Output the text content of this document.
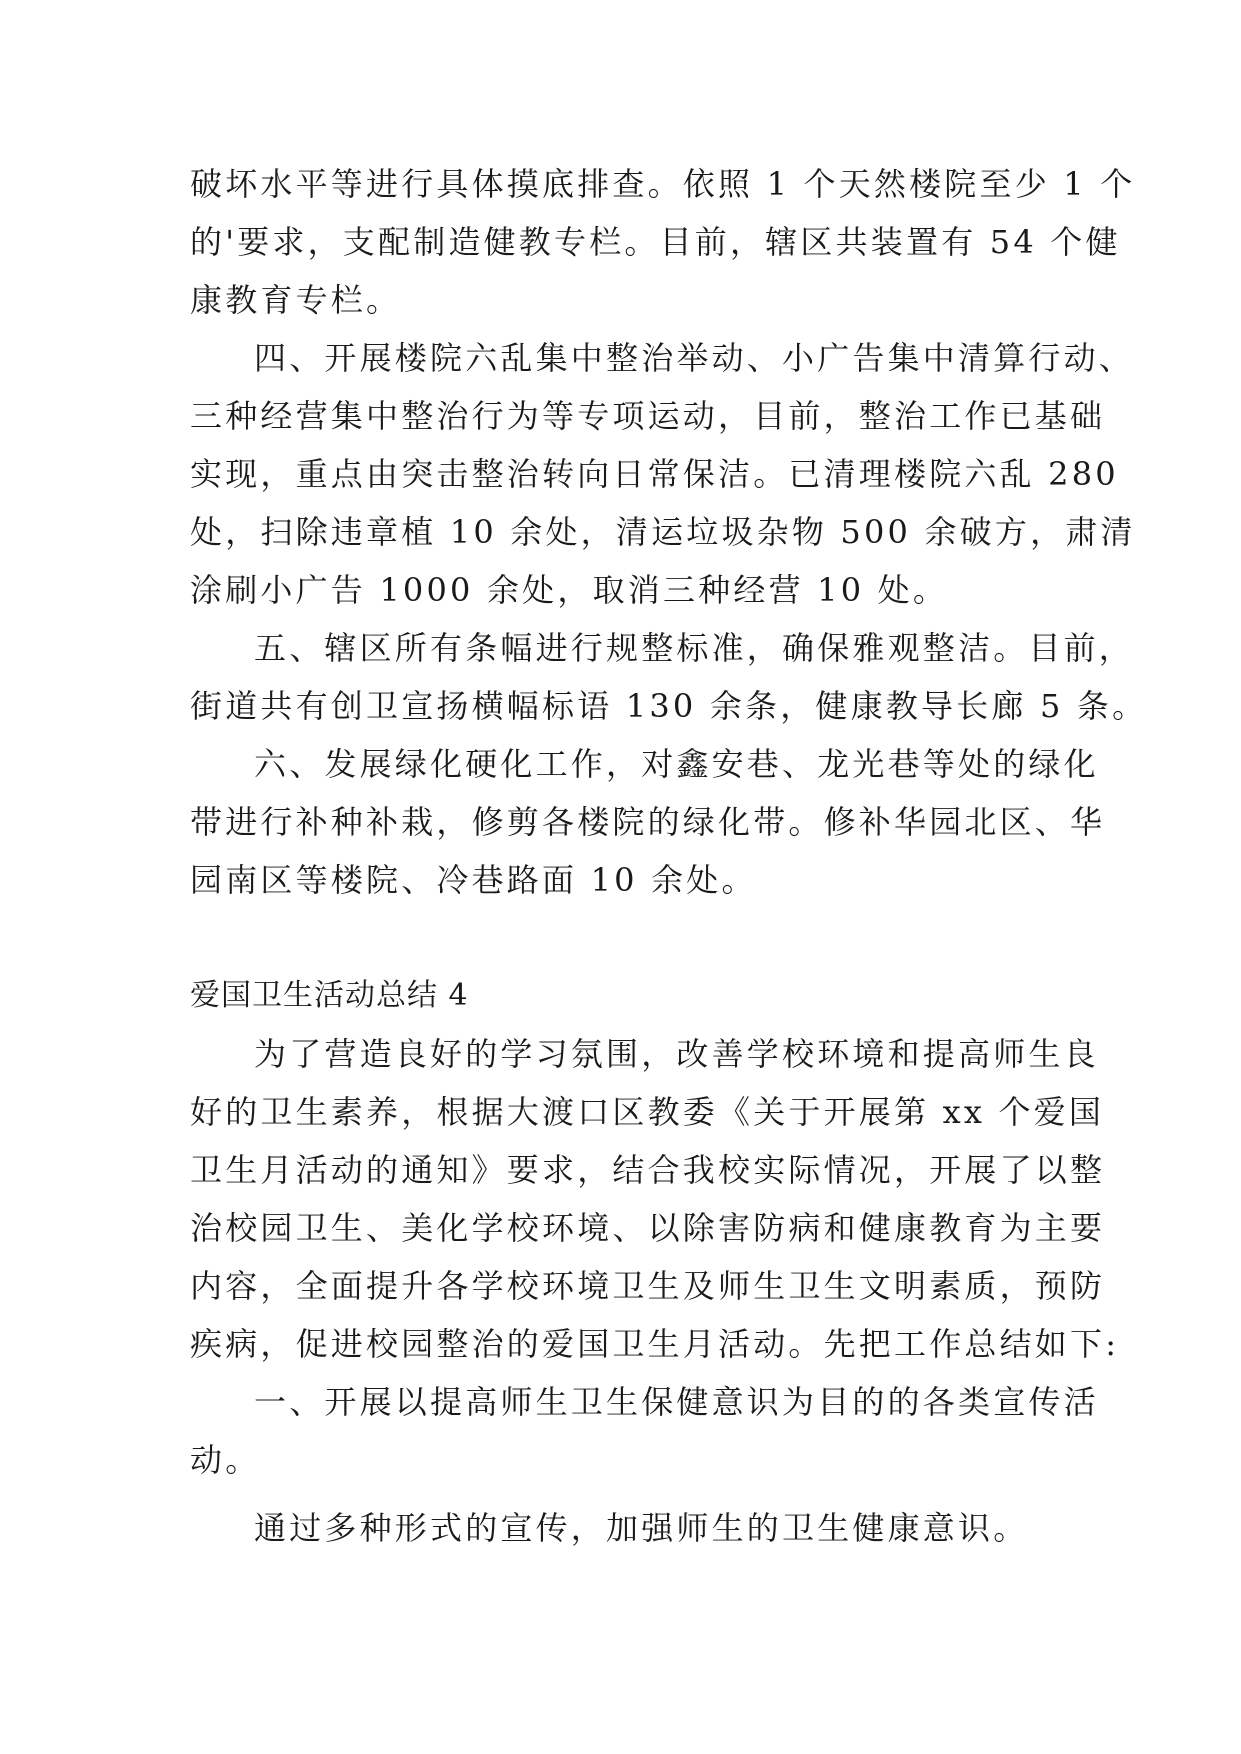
破坏水平等进行具体摸底排查。依照 1 个天然楼院至少 1 个
的'要求，支配制造健教专栏。目前，辖区共装置有 54 个健
康教育专栏。
四、开展楼院六乱集中整治举动、小广告集中清算行动、
三种经营集中整治行为等专项运动，目前，整治工作已基础
实现，重点由突击整治转向日常保洁。已清理楼院六乱 280
处，扫除违章植 10 余处，清运垃圾杂物 500 余破方，肃清
涂刷小广告 1000 余处，取消三种经营 10 处。
五、辖区所有条幅进行规整标准，确保雅观整洁。目前，
街道共有创卫宣扬横幅标语 130 余条，健康教导长廊 5 条。
六、发展绿化硬化工作，对鑫安巷、龙光巷等处的绿化
带进行补种补栽，修剪各楼院的绿化带。修补华园北区、华
园南区等楼院、冷巷路面 10 余处。
爱国卫生活动总结 4
为了营造良好的学习氛围，改善学校环境和提高师生良
好的卫生素养，根据大渡口区教委《关于开展第 xx 个爱国
卫生月活动的通知》要求，结合我校实际情况，开展了以整
治校园卫生、美化学校环境、以除害防病和健康教育为主要
内容，全面提升各学校环境卫生及师生卫生文明素质，预防
疾病，促进校园整治的爱国卫生月活动。先把工作总结如下:
一、开展以提高师生卫生保健意识为目的的各类宣传活
动。
通过多种形式的宣传，加强师生的卫生健康意识。
